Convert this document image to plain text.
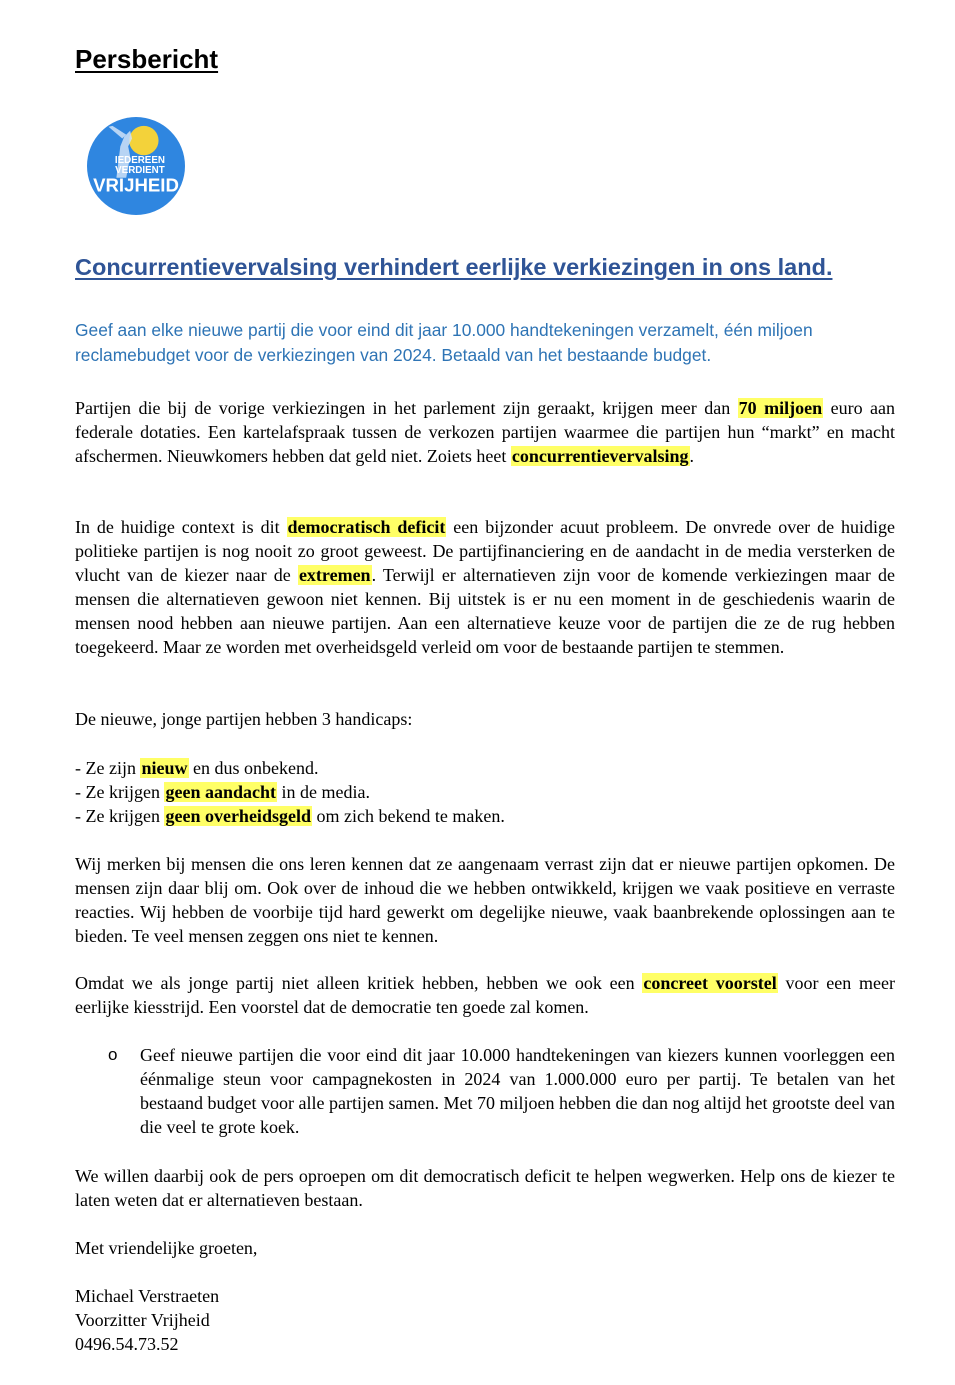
Persbericht
IEDEREEN
VERDIENT
VRIJHEID
Concurrentievervalsing verhindert eerlijke verkiezingen in ons land.

Geef aan elke nieuwe partij die voor eind dit jaar 10.000 handtekeningen verzamelt, één miljoen reclamebudget voor de verkiezingen van 2024. Betaald van het bestaande budget.

Partijen die bij de vorige verkiezingen in het parlement zijn geraakt, krijgen meer dan 70 miljoen euro aan federale dotaties. Een kartelafspraak tussen de verkozen partijen waarmee die partijen hun “markt” en macht afschermen. Nieuwkomers hebben dat geld niet. Zoiets heet concurrentievervalsing.

In de huidige context is dit democratisch deficit een bijzonder acuut probleem. De onvrede over de huidige politieke partijen is nog nooit zo groot geweest. De partijfinanciering en de aandacht in de media versterken de vlucht van de kiezer naar de extremen. Terwijl er alternatieven zijn voor de komende verkiezingen maar de mensen die alternatieven gewoon niet kennen. Bij uitstek is er nu een moment in de geschiedenis waarin de mensen nood hebben aan nieuwe partijen. Aan een alternatieve keuze voor de partijen die ze de rug hebben toegekeerd. Maar ze worden met overheidsgeld verleid om voor de bestaande partijen te stemmen.

De nieuwe, jonge partijen hebben 3 handicaps:

- Ze zijn nieuw en dus onbekend.
- Ze krijgen geen aandacht in de media.
- Ze krijgen geen overheidsgeld om zich bekend te maken.

Wij merken bij mensen die ons leren kennen dat ze aangenaam verrast zijn dat er nieuwe partijen opkomen. De mensen zijn daar blij om. Ook over de inhoud die we hebben ontwikkeld, krijgen we vaak positieve en verraste reacties. Wij hebben de voorbije tijd hard gewerkt om degelijke nieuwe, vaak baanbrekende oplossingen aan te bieden. Te veel mensen zeggen ons niet te kennen.

Omdat we als jonge partij niet alleen kritiek hebben, hebben we ook een concreet voorstel voor een meer eerlijke kiesstrijd. Een voorstel dat de democratie ten goede zal komen.

o Geef nieuwe partijen die voor eind dit jaar 10.000 handtekeningen van kiezers kunnen voorleggen een éénmalige steun voor campagnekosten in 2024 van 1.000.000 euro per partij. Te betalen van het bestaand budget voor alle partijen samen. Met 70 miljoen hebben die dan nog altijd het grootste deel van die veel te grote koek.

We willen daarbij ook de pers oproepen om dit democratisch deficit te helpen wegwerken. Help ons de kiezer te laten weten dat er alternatieven bestaan.

Met vriendelijke groeten,

Michael Verstraeten
Voorzitter Vrijheid
0496.54.73.52
